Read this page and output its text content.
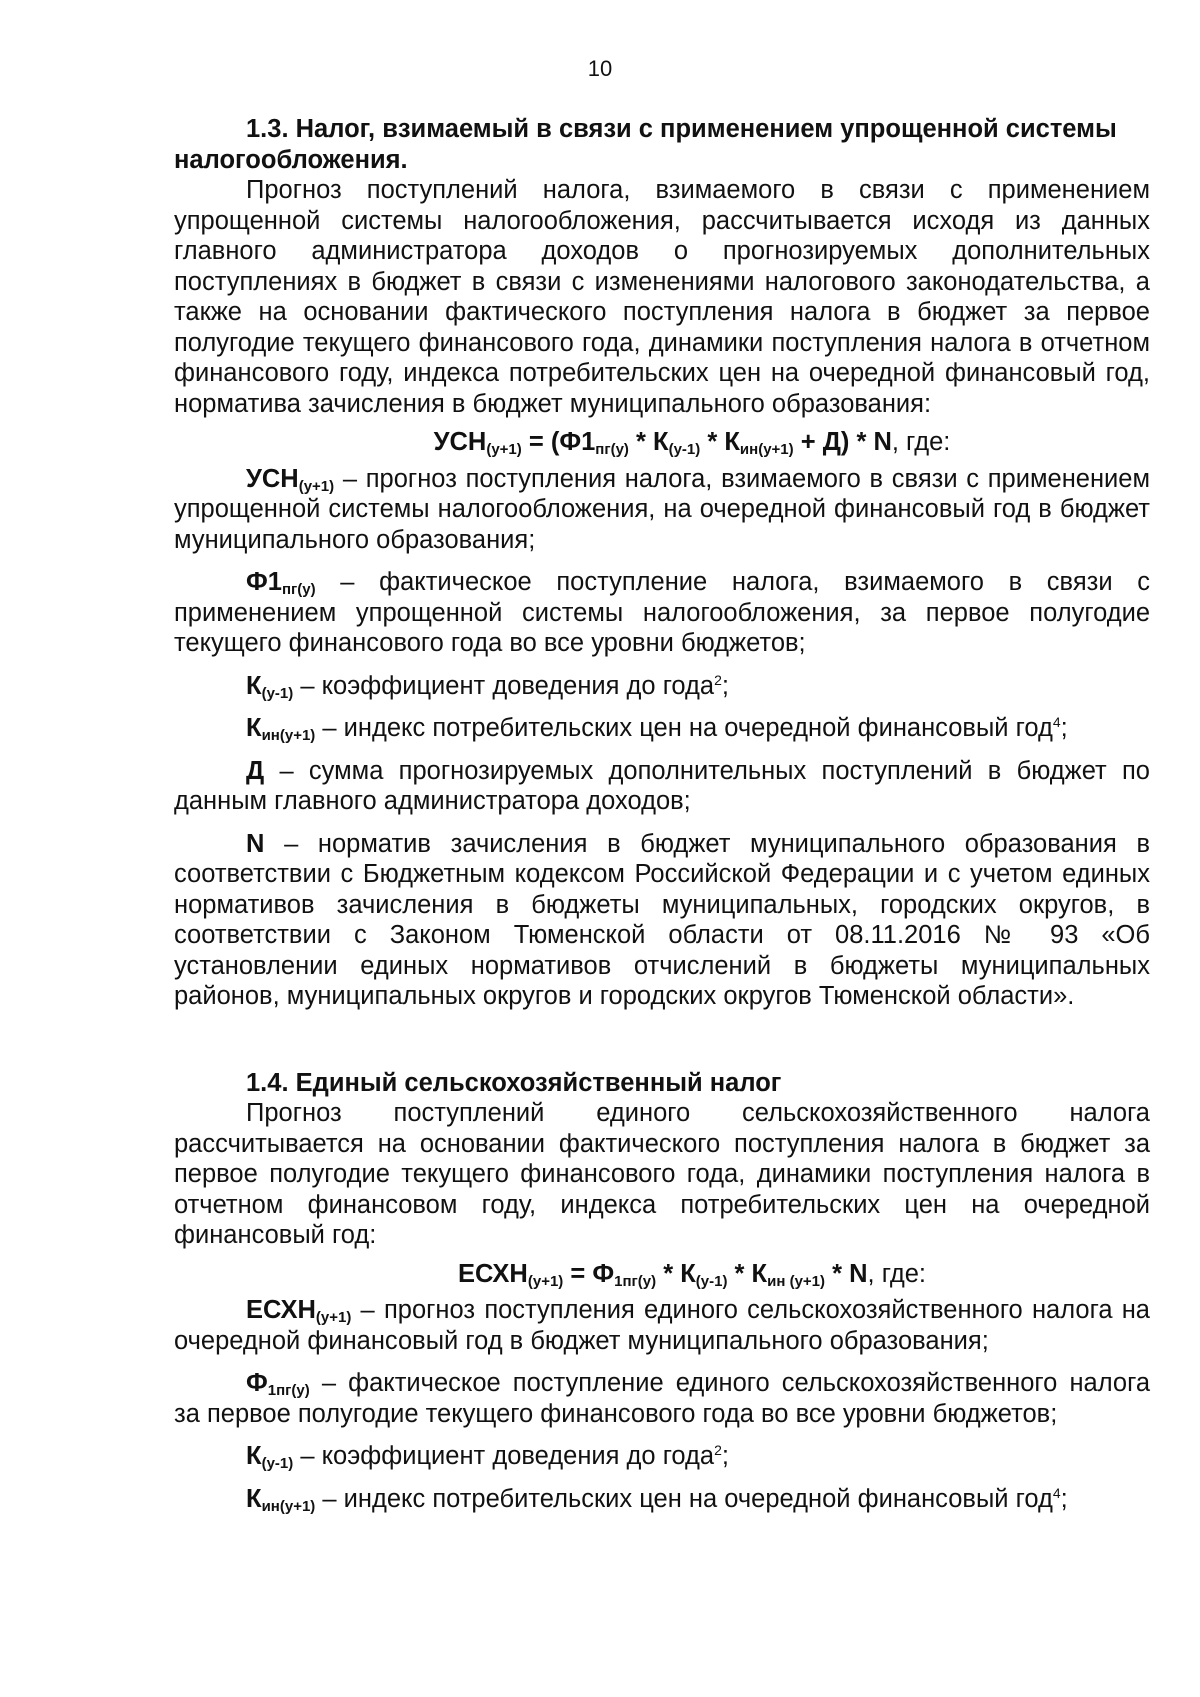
10
1.3. Налог, взимаемый в связи с применением упрощенной системы налогообложения.

Прогноз поступлений налога, взимаемого в связи с применением упрощенной системы налогообложения, рассчитывается исходя из данных главного администратора доходов о прогнозируемых дополнительных поступлениях в бюджет в связи с изменениями налогового законодательства, а также на основании фактического поступления налога в бюджет за первое полугодие текущего финансового года, динамики поступления налога в отчетном финансового году, индекса потребительских цен на очередной финансовый год, норматива зачисления в бюджет муниципального образования:

$УСН_{(у+1)} = (Ф1_{пг(у)} * К_{(у-1)} * К_{ин(у+1)} + Д) * N$, где:

$УСН_{(у+1)}$ – прогноз поступления налога, взимаемого в связи с применением упрощенной системы налогообложения, на очередной финансовый год в бюджет муниципального образования;

$Ф1_{пг(у)}$ – фактическое поступление налога, взимаемого в связи с применением упрощенной системы налогообложения, за первое полугодие текущего финансового года во все уровни бюджетов;

$К_{(у-1)}$ – коэффициент доведения до года$^2$;

$К_{ин(у+1)}$ – индекс потребительских цен на очередной финансовый год$^4$;

Д – сумма прогнозируемых дополнительных поступлений в бюджет по данным главного администратора доходов;

N – норматив зачисления в бюджет муниципального образования в соответствии с Бюджетным кодексом Российской Федерации и с учетом единых нормативов зачисления в бюджеты муниципальных, городских округов, в соответствии с Законом Тюменской области от 08.11.2016 № 93 «Об установлении единых нормативов отчислений в бюджеты муниципальных районов, муниципальных округов и городских округов Тюменской области».

1.4. Единый сельскохозяйственный налог

Прогноз поступлений единого сельскохозяйственного налога рассчитывается на основании фактического поступления налога в бюджет за первое полугодие текущего финансового года, динамики поступления налога в отчетном финансовом году, индекса потребительских цен на очередной финансовый год:

$ЕСХН_{(у+1)} = Ф_{1пг(у)} * К_{(у-1)} * К_{ин (у+1)} * N$, где:

$ЕСХН_{(у+1)}$ – прогноз поступления единого сельскохозяйственного налога на очередной финансовый год в бюджет муниципального образования;

$Ф_{1пг(у)}$ – фактическое поступление единого сельскохозяйственного налога за первое полугодие текущего финансового года во все уровни бюджетов;

$К_{(у-1)}$ – коэффициент доведения до года$^2$;

$К_{ин(у+1)}$ – индекс потребительских цен на очередной финансовый год$^4$;
